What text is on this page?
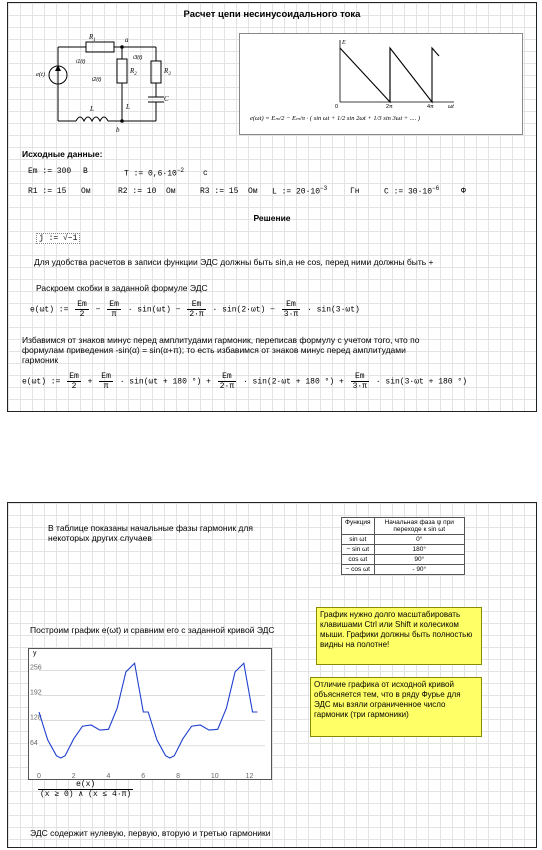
Расчет цепи несинусоидального тока
$R_1$
$R_2$	$R_3$
C
L
L
a
b
e(t)
i1(t)
i2(t)
i3(t)
E
0	2π	4π	ωt
e(ωt) = Eₘ/2 − Eₘ/π · ( sin ωt + 1/2 sin 2ωt + 1/3 sin 3ωt + .... )
Исходные данные:
Em := 300 В	T := $0,6\cdot 10^{-2}$ с
R1 := 15 Ом	R2 := 10 Ом	R3 := 15 Ом L := $20\cdot 10^{-3}$	Гн	C := $30\cdot 10^{-6}$	Ф
Решение
j := √−1
Для удобства расчетов в записи функции ЭДС должны быть sin,а не cos, перед ними должны быть +
Раскроем скобки в заданной формуле ЭДС
e(ωt) := $\frac{Em}{2} - \frac{Em}{\pi} \cdot \sin(\omega t) - \frac{Em}{2\cdot\pi} \cdot \sin(2\cdot\omega t) - \frac{Em}{3\cdot\pi} \cdot \sin(3\cdot\omega t)$
Избавимся от знаков минус перед амплитудами гармоник, переписав формулу с учетом того, что по формулам приведения -sin(α) = sin(α+π); то есть избавимся от знаков минус перед амплитудами гармоник
e(ωt) := $\frac{Em}{2} + \frac{Em}{\pi} \cdot \sin(\omega t + 180$ °) + $\frac{Em}{2\cdot\pi} \cdot \sin(2\cdot\omega t + 180$ °) + $\frac{Em}{3\cdot\pi} \cdot \sin(3\cdot\omega t + 180$ °)
В таблице показаны начальные фазы гармоник для некоторых других случаев
Функция	Начальная фаза ψ при переходе к sin ωt
sin ωt	0°
− sin ωt	180°
cos ωt	90°
− cos ωt	- 90°
Построим график e(ωt) и сравним его с заданной кривой ЭДС
График нужно долго масштабировать клавишами Ctrl или Shift и колесиком мыши. Графики должны быть полностью видны на полотне!
Отличие графика от исходной кривой объясняется тем, что в ряду Фурье для ЭДС мы взяли ограниченное число гармоник (три гармоники)
64
128
192
256
0	2	4	6	8	10	12
y
$\frac{e(x)}{(x \ge 0) \wedge (x \le 4\cdot\pi)}$
ЭДС содержит нулевую, первую, вторую и третью гармоники
